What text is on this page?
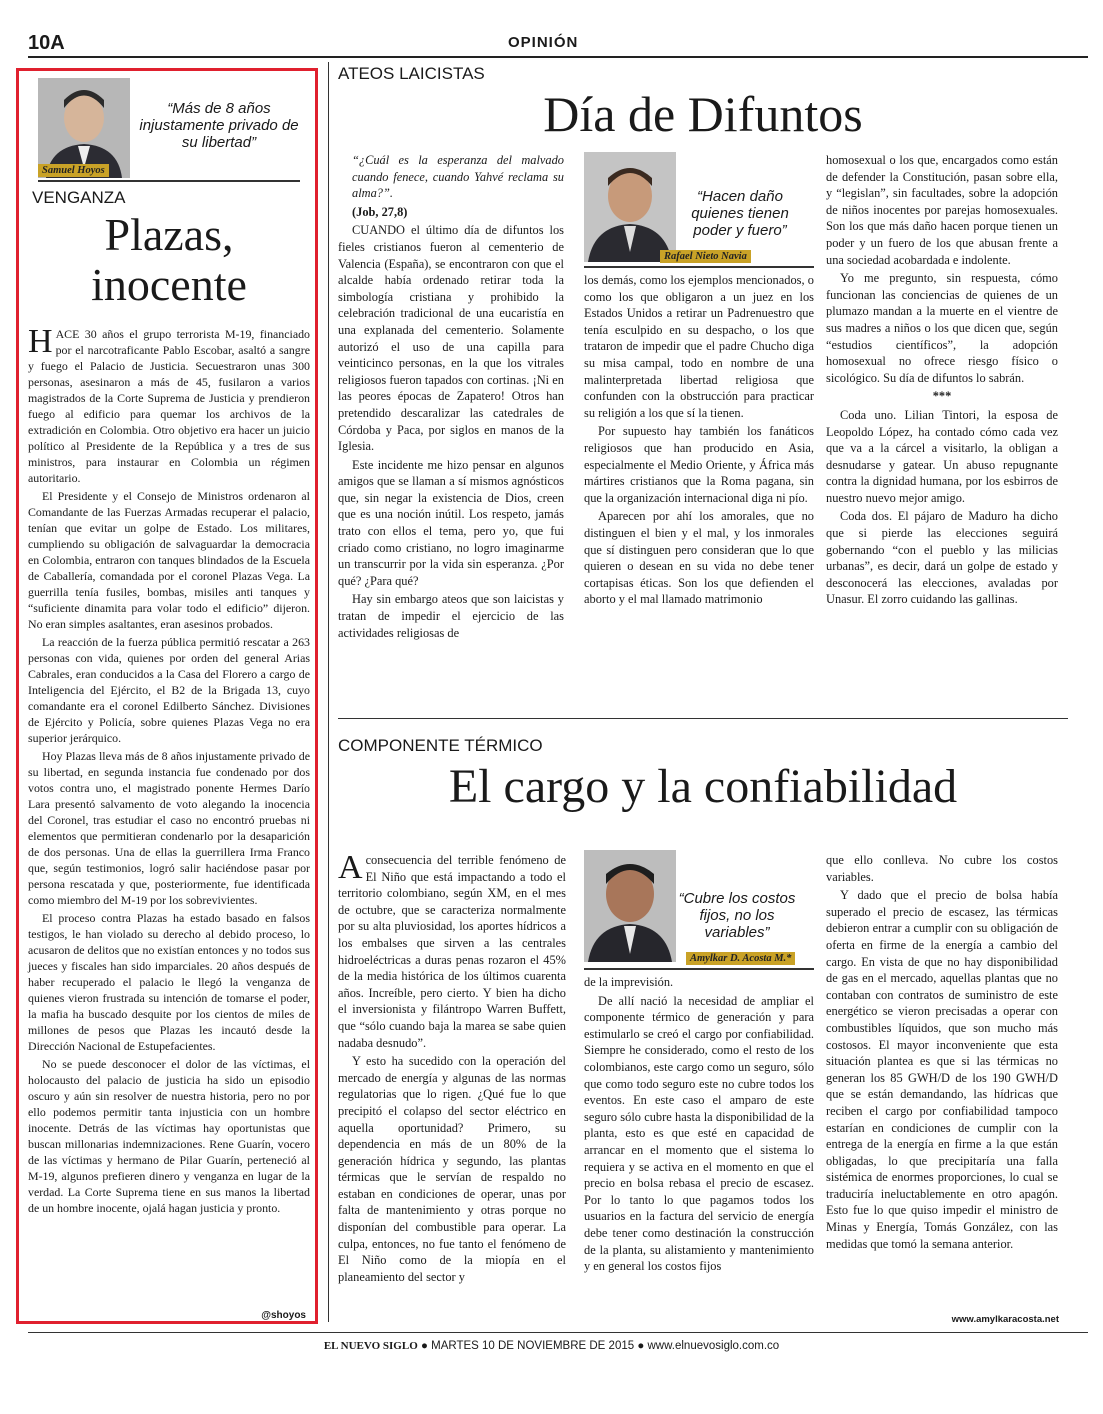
10A	OPINIÓN
Samuel Hoyos
“Más de 8 años injustamente privado de su libertad”
VENGANZA
Plazas,
inocente

HACE 30 años el grupo terrorista M-19, financiado por el narcotraficante Pablo Escobar, asaltó a sangre y fuego el Palacio de Justicia. Secuestraron unas 300 personas, asesinaron a más de 45, fusilaron a varios magistrados de la Corte Suprema de Justicia y prendieron fuego al edificio para quemar los archivos de la extradición en Colombia. Otro objetivo era hacer un juicio político al Presidente de la República y a tres de sus ministros, para instaurar en Colombia un régimen autoritario.

El Presidente y el Consejo de Ministros ordenaron al Comandante de las Fuerzas Armadas recuperar el palacio, tenían que evitar un golpe de Estado. Los militares, cumpliendo su obligación de salvaguardar la democracia en Colombia, entraron con tanques blindados de la Escuela de Caballería, comandada por el coronel Plazas Vega. La guerrilla tenía fusiles, bombas, misiles anti tanques y “suficiente dinamita para volar todo el edificio” dijeron. No eran simples asaltantes, eran asesinos probados.

La reacción de la fuerza pública permitió rescatar a 263 personas con vida, quienes por orden del general Arias Cabrales, eran conducidos a la Casa del Florero a cargo de Inteligencia del Ejército, el B2 de la Brigada 13, cuyo comandante era el coronel Edilberto Sánchez. Divisiones de Ejército y Policía, sobre quienes Plazas Vega no era superior jerárquico.

Hoy Plazas lleva más de 8 años injustamente privado de su libertad, en segunda instancia fue condenado por dos votos contra uno, el magistrado ponente Hermes Darío Lara presentó salvamento de voto alegando la inocencia del Coronel, tras estudiar el caso no encontró pruebas ni elementos que permitieran condenarlo por la desaparición de dos personas. Una de ellas la guerrillera Irma Franco que, según testimonios, logró salir haciéndose pasar por persona rescatada y que, posteriormente, fue identificada como miembro del M-19 por los sobrevivientes.

El proceso contra Plazas ha estado basado en falsos testigos, le han violado su derecho al debido proceso, lo acusaron de delitos que no existían entonces y no todos sus jueces y fiscales han sido imparciales. 20 años después de haber recuperado el palacio le llegó la venganza de quienes vieron frustrada su intención de tomarse el poder, la mafia ha buscado desquite por los cientos de miles de millones de pesos que Plazas les incautó desde la Dirección Nacional de Estupefacientes.

No se puede desconocer el dolor de las víctimas, el holocausto del palacio de justicia ha sido un episodio oscuro y aún sin resolver de nuestra historia, pero no por ello podemos permitir tanta injusticia con un hombre inocente. Detrás de las víctimas hay oportunistas que buscan millonarias indemnizaciones. Rene Guarín, vocero de las víctimas y hermano de Pilar Guarín, perteneció al M-19, algunos prefieren dinero y venganza en lugar de la verdad. La Corte Suprema tiene en sus manos la libertad de un hombre inocente, ojalá hagan justicia y pronto.

@shoyos
ATEOS LAICISTAS
Día de Difuntos

“¿Cuál es la esperanza del malvado cuando fenece, cuando Yahvé reclama su alma?”.

(Job, 27,8)

CUANDO el último día de difuntos los fieles cristianos fueron al cementerio de Valencia (España), se encontraron con que el alcalde había ordenado retirar toda la simbología cristiana y prohibido la celebración tradicional de una eucaristía en una explanada del cementerio. Solamente autorizó el uso de una capilla para veinticinco personas, en la que los vitrales religiosos fueron tapados con cortinas. ¡Ni en las peores épocas de Zapatero! Otros han pretendido descaralizar las catedrales de Córdoba y Paca, por siglos en manos de la Iglesia.

Este incidente me hizo pensar en algunos amigos que se llaman a sí mismos agnósticos que, sin negar la existencia de Dios, creen que es una noción inútil. Los respeto, jamás trato con ellos el tema, pero yo, que fui criado como cristiano, no logro imaginarme un transcurrir por la vida sin esperanza. ¿Por qué? ¿Para qué?

Hay sin embargo ateos que son laicistas y tratan de impedir el ejercicio de las actividades religiosas de

“Hacen daño quienes tienen poder y fuero”
Rafael Nieto Navia

los demás, como los ejemplos mencionados, o como los que obligaron a un juez en los Estados Unidos a retirar un Padrenuestro que tenía esculpido en su despacho, o los que trataron de impedir que el padre Chucho diga su misa campal, todo en nombre de una malinterpretada libertad religiosa que confunden con la obstrucción para practicar su religión a los que sí la tienen.

Por supuesto hay también los fanáticos religiosos que han producido en Asia, especialmente el Medio Oriente, y África más mártires cristianos que la Roma pagana, sin que la organización internacional diga ni pío.

Aparecen por ahí los amorales, que no distinguen el bien y el mal, y los inmorales que sí distinguen pero consideran que lo que quieren o desean en su vida no debe tener cortapisas éticas. Son los que defienden el aborto y el mal llamado matrimonio

homosexual o los que, encargados como están de defender la Constitución, pasan sobre ella, y “legislan”, sin facultades, sobre la adopción de niños inocentes por parejas homosexuales. Son los que más daño hacen porque tienen un poder y un fuero de los que abusan frente a una sociedad acobardada e indolente.

Yo me pregunto, sin respuesta, cómo funcionan las conciencias de quienes de un plumazo mandan a la muerte en el vientre de sus madres a niños o los que dicen que, según “estudios científicos”, la adopción homosexual no ofrece riesgo físico o sicológico. Su día de difuntos lo sabrán.

***

Coda uno. Lilian Tintori, la esposa de Leopoldo López, ha contado cómo cada vez que va a la cárcel a visitarlo, la obligan a desnudarse y gatear. Un abuso repugnante contra la dignidad humana, por los esbirros de nuestro nuevo mejor amigo.

Coda dos. El pájaro de Maduro ha dicho que si pierde las elecciones seguirá gobernando “con el pueblo y las milicias urbanas”, es decir, dará un golpe de estado y desconocerá las elecciones, avaladas por Unasur. El zorro cuidando las gallinas.

COMPONENTE TÉRMICO
El cargo y la confiabilidad

Aconsecuencia del terrible fenómeno de El Niño que está impactando a todo el territorio colombiano, según XM, en el mes de octubre, que se caracteriza normalmente por su alta pluviosidad, los aportes hídricos a los embalses que sirven a las centrales hidroeléctricas a duras penas rozaron el 45% de la media histórica de los últimos cuarenta años. Increíble, pero cierto. Y bien ha dicho el inversionista y filántropo Warren Buffett, que “sólo cuando baja la marea se sabe quien nadaba desnudo”.

Y esto ha sucedido con la operación del mercado de energía y algunas de las normas regulatorias que lo rigen. ¿Qué fue lo que precipitó el colapso del sector eléctrico en aquella oportunidad? Primero, su dependencia en más de un 80% de la generación hídrica y segundo, las plantas térmicas que le servían de respaldo no estaban en condiciones de operar, unas por falta de mantenimiento y otras porque no disponían del combustible para operar. La culpa, entonces, no fue tanto el fenómeno de El Niño como de la miopía en el planeamiento del sector y

“Cubre los costos fijos, no los variables”
Amylkar D. Acosta M.*

de la imprevisión.

De allí nació la necesidad de ampliar el componente térmico de generación y para estimularlo se creó el cargo por confiabilidad. Siempre he considerado, como el resto de los colombianos, este cargo como un seguro, sólo que como todo seguro este no cubre todos los eventos. En este caso el amparo de este seguro sólo cubre hasta la disponibilidad de la planta, esto es que esté en capacidad de arrancar en el momento que el sistema lo requiera y se activa en el momento en que el precio en bolsa rebasa el precio de escasez. Por lo tanto lo que pagamos todos los usuarios en la factura del servicio de energía debe tener como destinación la construcción de la planta, su alistamiento y mantenimiento y en general los costos fijos

que ello conlleva. No cubre los costos variables.

Y dado que el precio de bolsa había superado el precio de escasez, las térmicas debieron entrar a cumplir con su obligación de oferta en firme de la energía a cambio del cargo. En vista de que no hay disponibilidad de gas en el mercado, aquellas plantas que no contaban con contratos de suministro de este energético se vieron precisadas a operar con combustibles líquidos, que son mucho más costosos. El mayor inconveniente que esta situación plantea es que si las térmicas no generan los 85 GWH/D de los 190 GWH/D que se están demandando, las hídricas que reciben el cargo por confiabilidad tampoco estarían en condiciones de cumplir con la entrega de la energía en firme a la que están obligadas, lo que precipitaría una falla sistémica de enormes proporciones, lo cual se traduciría ineluctablemente en otro apagón. Esto fue lo que quiso impedir el ministro de Minas y Energía, Tomás González, con las medidas que tomó la semana anterior.

www.amylkaracosta.net
EL NUEVO SIGLO ● MARTES 10 DE NOVIEMBRE DE 2015 ● www.elnuevosiglo.com.co
